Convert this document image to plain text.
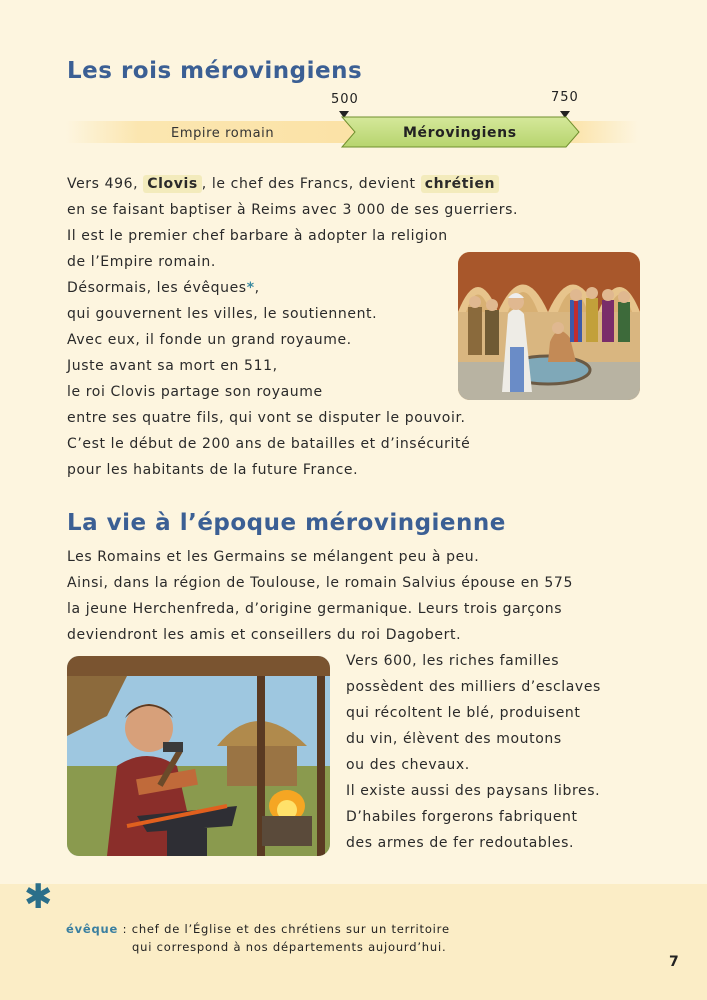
Les rois mérovingiens
500	750
Empire romain	Mérovingiens
Vers 496, Clovis , le chef des Francs, devient chrétien
en se faisant baptiser à Reims avec 3 000 de ses guerriers.
Il est le premier chef barbare à adopter la religion
de l’Empire romain.
Désormais, les évêques*,
qui gouvernent les villes, le soutiennent.
Avec eux, il fonde un grand royaume.
Juste avant sa mort en 511,
le roi Clovis partage son royaume
entre ses quatre fils, qui vont se disputer le pouvoir.
C’est le début de 200 ans de batailles et d’insécurité
pour les habitants de la future France.
La vie à l’époque mérovingienne
Les Romains et les Germains se mélangent peu à peu.
Ainsi, dans la région de Toulouse, le romain Salvius épouse en 575
la jeune Herchenfreda, d’origine germanique. Leurs trois garçons
deviendront les amis et conseillers du roi Dagobert.
Vers 600, les riches familles
possèdent des milliers d’esclaves
qui récoltent le blé, produisent
du vin, élèvent des moutons
ou des chevaux.
Il existe aussi des paysans libres.
D’habiles forgerons fabriquent
des armes de fer redoutables.
✱
évêque : chef de l’Église et des chrétiens sur un territoire
qui correspond à nos départements aujourd’hui.
7
